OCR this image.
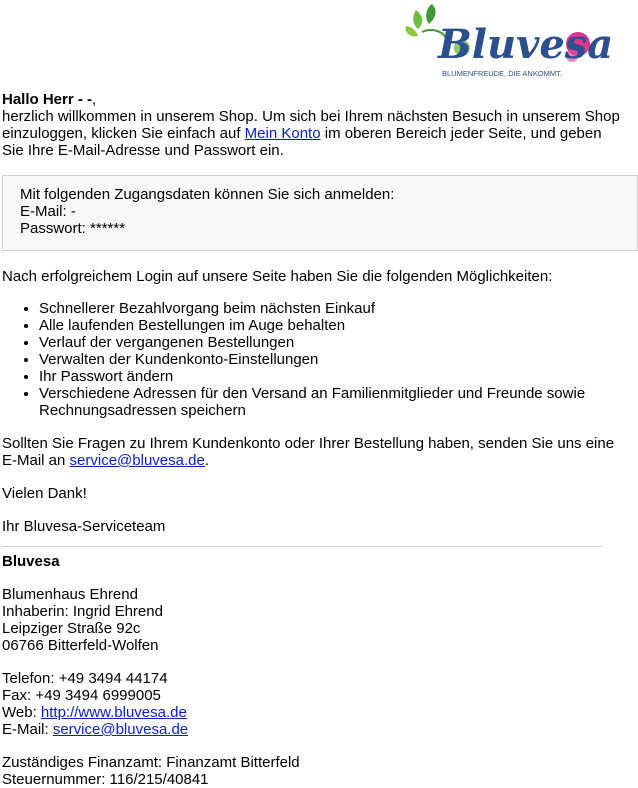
Bluvesa
BLUMENFREUDE, DIE ANKOMMT.

Hallo Herr - -,

herzlich willkommen in unserem Shop. Um sich bei Ihrem nächsten Besuch in unserem Shop einzuloggen, klicken Sie einfach auf Mein Konto im oberen Bereich jeder Seite, und geben Sie Ihre E-Mail-Adresse und Passwort ein.

Mit folgenden Zugangsdaten können Sie sich anmelden:

E-Mail: -

Passwort: ******

Nach erfolgreichem Login auf unsere Seite haben Sie die folgenden Möglichkeiten:

• Schnellerer Bezahlvorgang beim nächsten Einkauf
• Alle laufenden Bestellungen im Auge behalten
• Verlauf der vergangenen Bestellungen
• Verwalten der Kundenkonto-Einstellungen
• Ihr Passwort ändern
• Verschiedene Adressen für den Versand an Familienmitglieder und Freunde sowie Rechnungsadressen speichern

Sollten Sie Fragen zu Ihrem Kundenkonto oder Ihrer Bestellung haben, senden Sie uns eine E-Mail an service@bluvesa.de.

Vielen Dank!

Ihr Bluvesa-Serviceteam

Bluvesa

Blumenhaus Ehrend

Inhaberin: Ingrid Ehrend

Leipziger Straße 92c

06766 Bitterfeld-Wolfen

Telefon: +49 3494 44174

Fax: +49 3494 6999005

Web: http://www.bluvesa.de

E-Mail: service@bluvesa.de

Zuständiges Finanzamt: Finanzamt Bitterfeld

Steuernummer: 116/215/40841
